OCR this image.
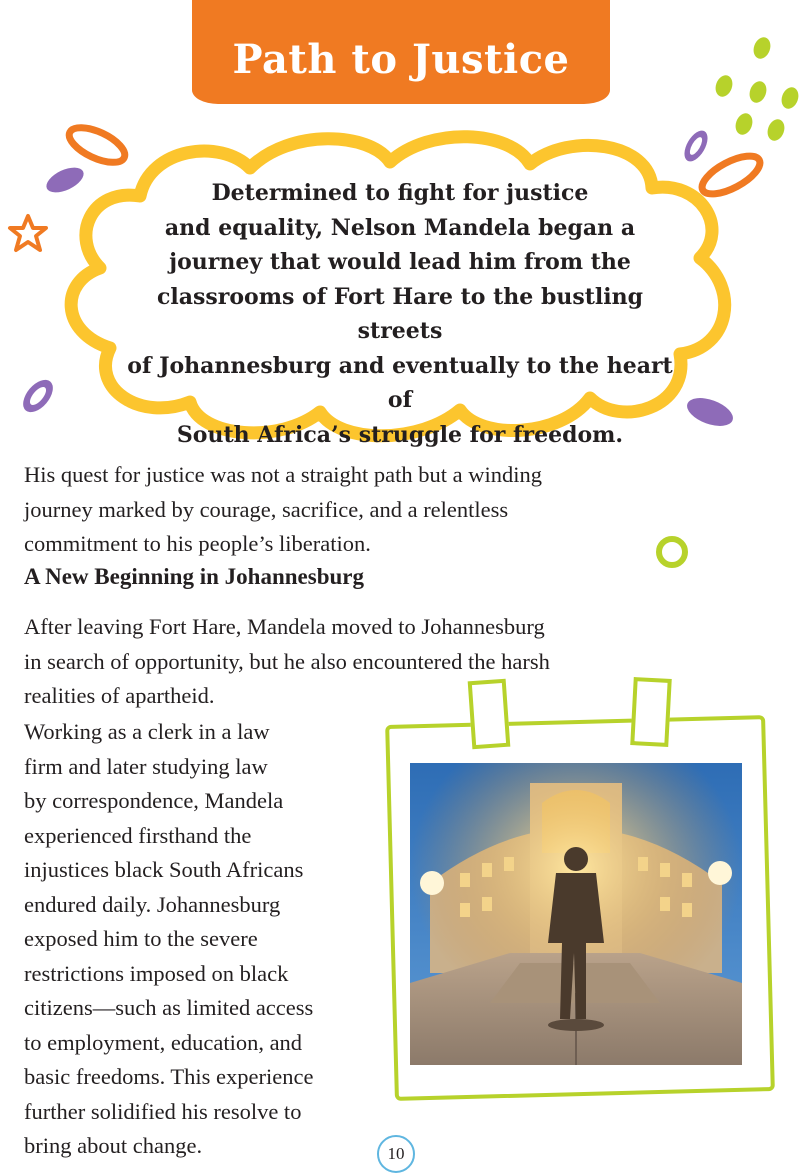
Path to Justice
Determined to fight for justice
and equality, Nelson Mandela began a
journey that would lead him from the
classrooms of Fort Hare to the bustling streets
of Johannesburg and eventually to the heart of
South Africa’s struggle for freedom.
His quest for justice was not a straight path but a winding
journey marked by courage, sacrifice, and a relentless
commitment to his people’s liberation.
A New Beginning in Johannesburg
After leaving Fort Hare, Mandela moved to Johannesburg
in search of opportunity, but he also encountered the harsh
realities of apartheid.
Working as a clerk in a law
firm and later studying law
by correspondence, Mandela
experienced firsthand the
injustices black South Africans
endured daily. Johannesburg
exposed him to the severe
restrictions imposed on black
citizens—such as limited access
to employment, education, and
basic freedoms. This experience
further solidified his resolve to
bring about change.	10
